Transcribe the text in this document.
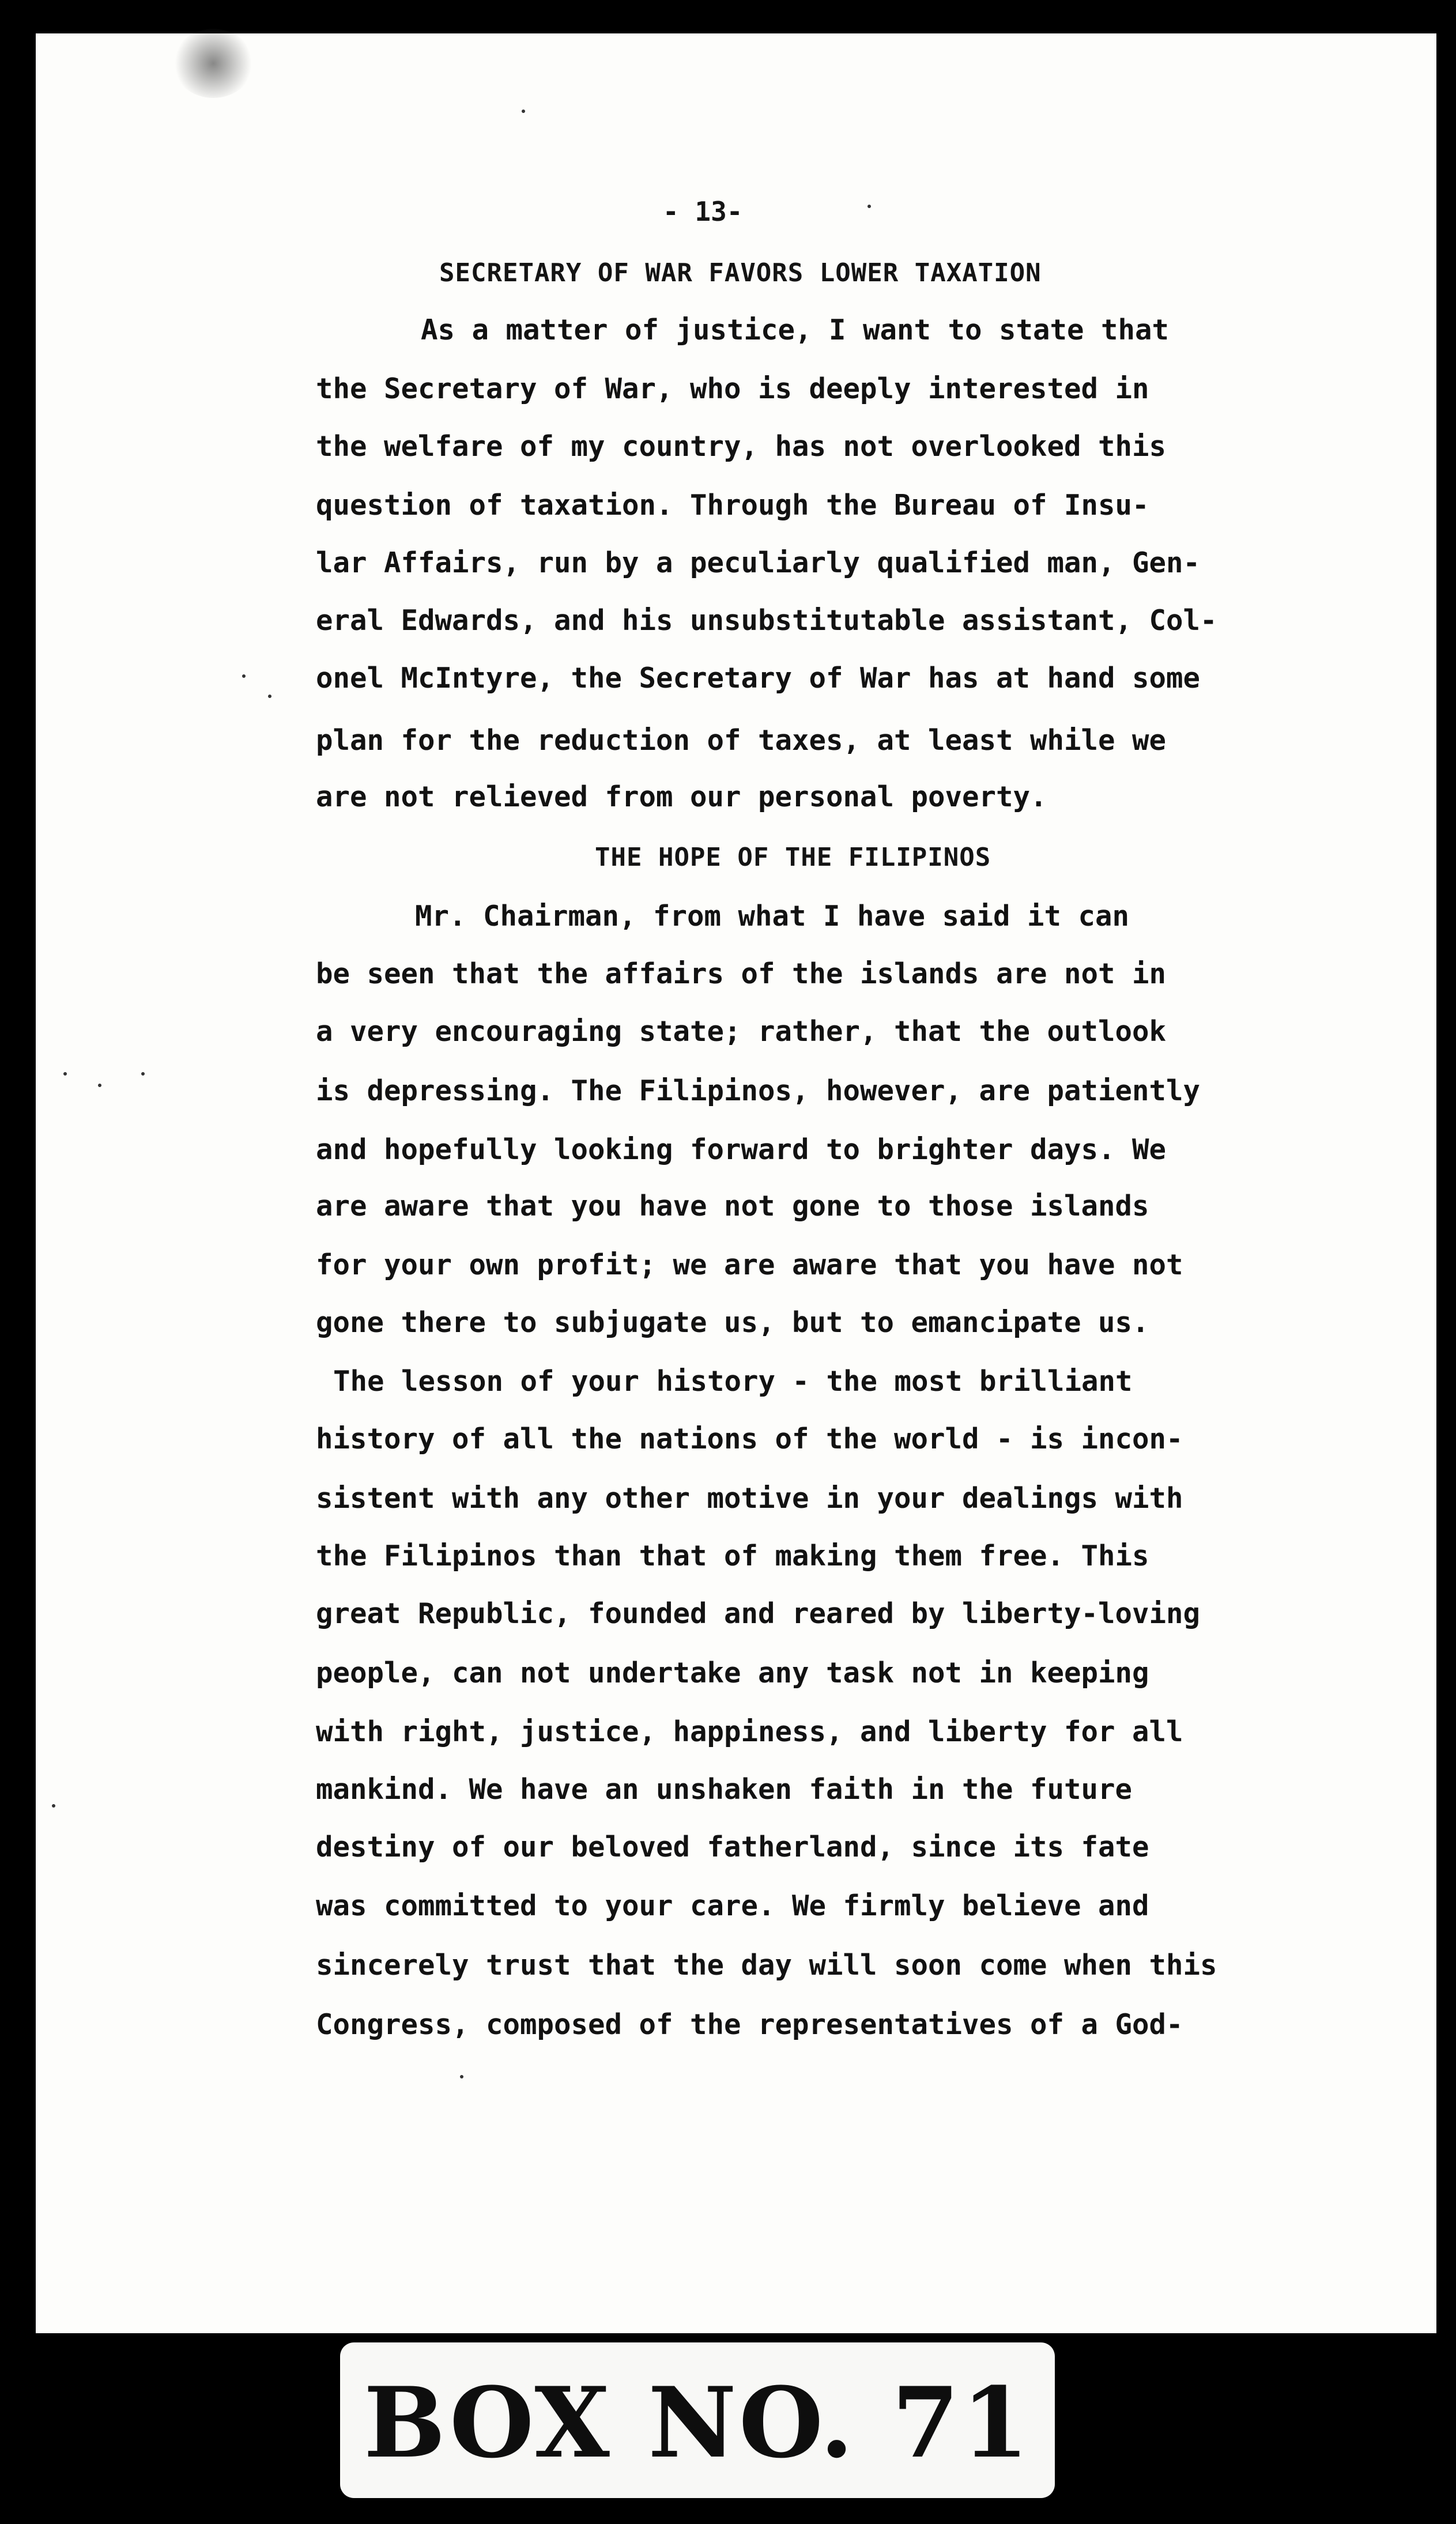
- 13-
SECRETARY OF WAR FAVORS LOWER TAXATION
THE HOPE OF THE FILIPINOS
As a matter of justice, I want to state that
the Secretary of War, who is deeply interested in
the welfare of my country, has not overlooked this
question of taxation. Through the Bureau of Insu-
lar Affairs, run by a peculiarly qualified man, Gen-
eral Edwards, and his unsubstitutable assistant, Col-
onel McIntyre, the Secretary of War has at hand some
plan for the reduction of taxes, at least while we
are not relieved from our personal poverty.
Mr. Chairman, from what I have said it can
be seen that the affairs of the islands are not in
a very encouraging state; rather, that the outlook
is depressing. The Filipinos, however, are patiently
and hopefully looking forward to brighter days. We
are aware that you have not gone to those islands
for your own profit; we are aware that you have not
gone there to subjugate us, but to emancipate us.
The lesson of your history - the most brilliant
history of all the nations of the world - is incon-
sistent with any other motive in your dealings with
the Filipinos than that of making them free. This
great Republic, founded and reared by liberty-loving
people, can not undertake any task not in keeping
with right, justice, happiness, and liberty for all
mankind. We have an unshaken faith in the future
destiny of our beloved fatherland, since its fate
was committed to your care. We firmly believe and
sincerely trust that the day will soon come when this
Congress, composed of the representatives of a God-
BOX NO. 71
